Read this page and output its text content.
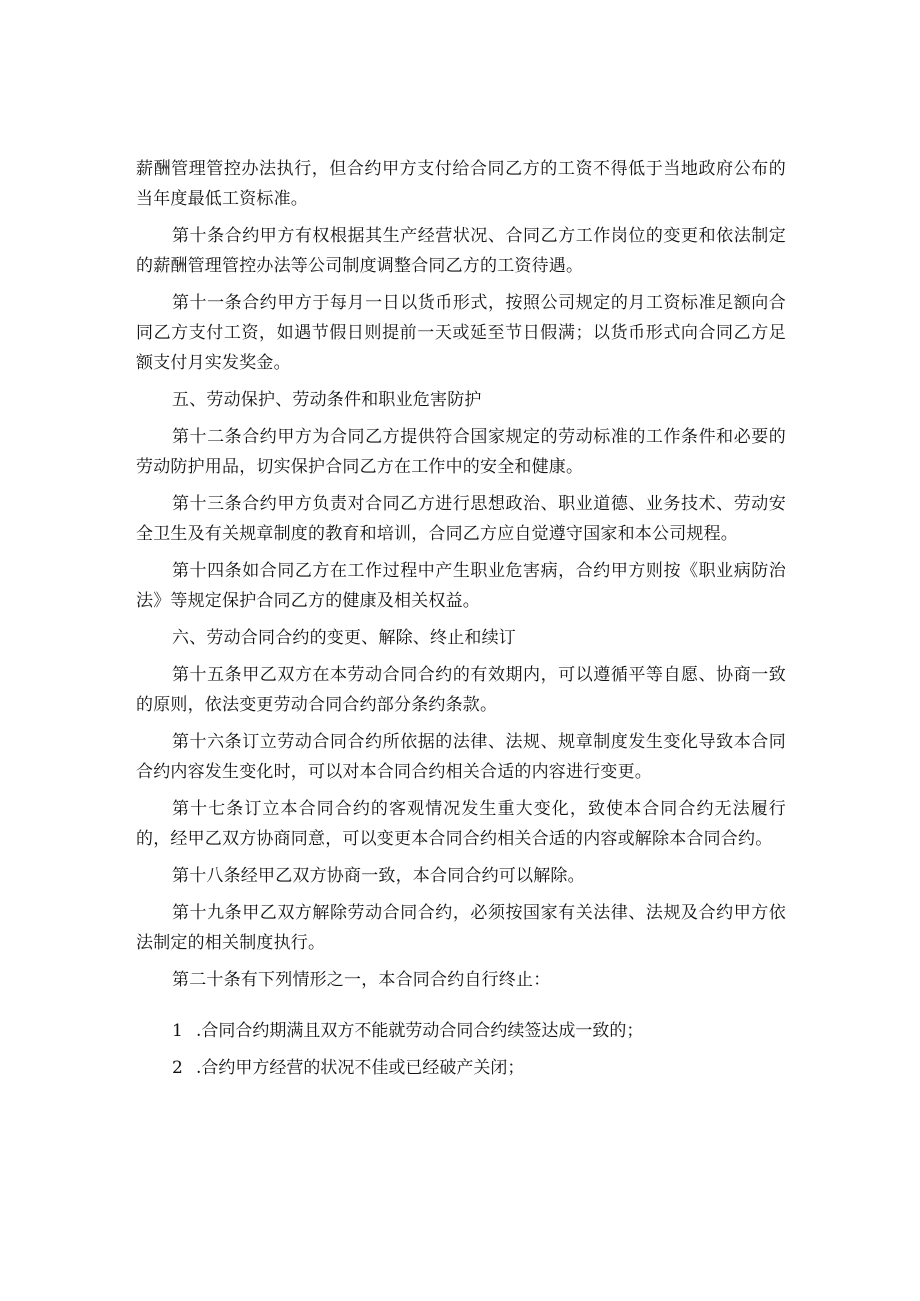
薪酬管理管控办法执行，但合约甲方支付给合同乙方的工资不得低于当地政府公布的当年度最低工资标准。

第十条合约甲方有权根据其生产经营状况、合同乙方工作岗位的变更和依法制定的薪酬管理管控办法等公司制度调整合同乙方的工资待遇。

第十一条合约甲方于每月一日以货币形式，按照公司规定的月工资标准足额向合同乙方支付工资，如遇节假日则提前一天或延至节日假满；以货币形式向合同乙方足额支付月实发奖金。

五、劳动保护、劳动条件和职业危害防护

第十二条合约甲方为合同乙方提供符合国家规定的劳动标准的工作条件和必要的劳动防护用品，切实保护合同乙方在工作中的安全和健康。

第十三条合约甲方负责对合同乙方进行思想政治、职业道德、业务技术、劳动安全卫生及有关规章制度的教育和培训，合同乙方应自觉遵守国家和本公司规程。

第十四条如合同乙方在工作过程中产生职业危害病，合约甲方则按《职业病防治法》等规定保护合同乙方的健康及相关权益。

六、劳动合同合约的变更、解除、终止和续订

第十五条甲乙双方在本劳动合同合约的有效期内，可以遵循平等自愿、协商一致的原则，依法变更劳动合同合约部分条约条款。

第十六条订立劳动合同合约所依据的法律、法规、规章制度发生变化导致本合同合约内容发生变化时，可以对本合同合约相关合适的内容进行变更。

第十七条订立本合同合约的客观情况发生重大变化，致使本合同合约无法履行的，经甲乙双方协商同意，可以变更本合同合约相关合适的内容或解除本合同合约。

第十八条经甲乙双方协商一致，本合同合约可以解除。

第十九条甲乙双方解除劳动合同合约，必须按国家有关法律、法规及合约甲方依法制定的相关制度执行。

第二十条有下列情形之一，本合同合约自行终止：

1 .合同合约期满且双方不能就劳动合同合约续签达成一致的；
2 .合约甲方经营的状况不佳或已经破产关闭；
